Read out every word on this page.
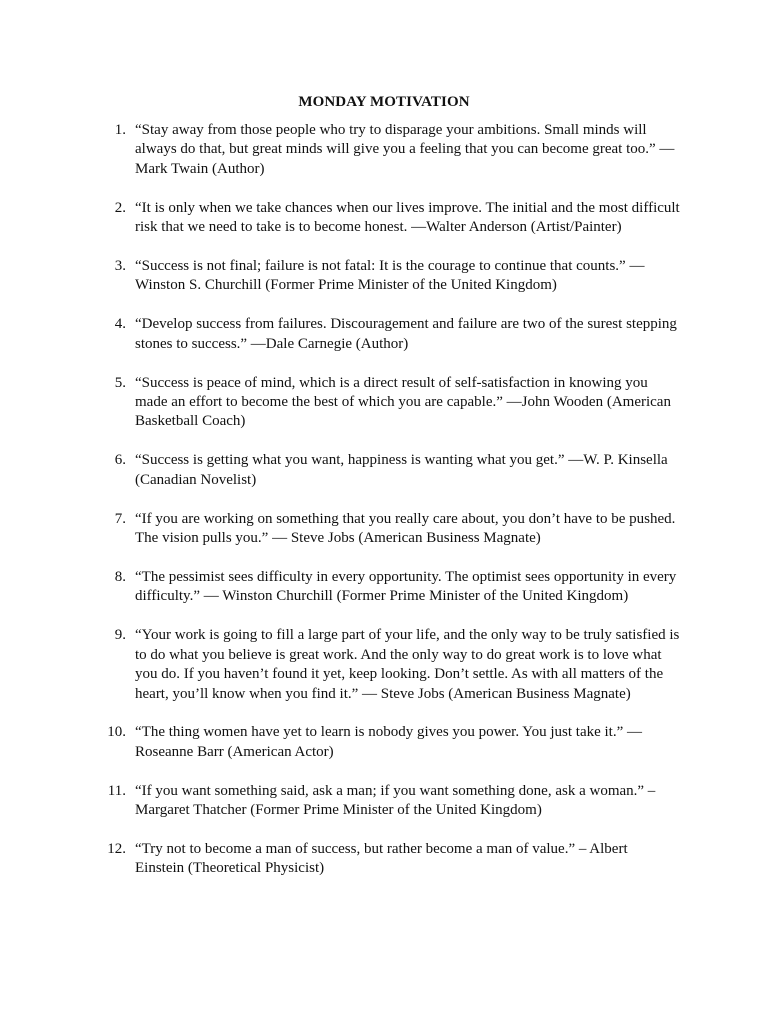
MONDAY MOTIVATION
1. “Stay away from those people who try to disparage your ambitions. Small minds will always do that, but great minds will give you a feeling that you can become great too.” — Mark Twain (Author)
2. “It is only when we take chances when our lives improve. The initial and the most difficult risk that we need to take is to become honest. —Walter Anderson (Artist/Painter)
3. “Success is not final; failure is not fatal: It is the courage to continue that counts.” — Winston S. Churchill (Former Prime Minister of the United Kingdom)
4. “Develop success from failures. Discouragement and failure are two of the surest stepping stones to success.” —Dale Carnegie (Author)
5. “Success is peace of mind, which is a direct result of self-satisfaction in knowing you made an effort to become the best of which you are capable.” —John Wooden (American Basketball Coach)
6. “Success is getting what you want, happiness is wanting what you get.” —W. P. Kinsella (Canadian Novelist)
7. “If you are working on something that you really care about, you don’t have to be pushed. The vision pulls you.” — Steve Jobs (American Business Magnate)
8. “The pessimist sees difficulty in every opportunity. The optimist sees opportunity in every difficulty.” — Winston Churchill (Former Prime Minister of the United Kingdom)
9. “Your work is going to fill a large part of your life, and the only way to be truly satisfied is to do what you believe is great work. And the only way to do great work is to love what you do. If you haven’t found it yet, keep looking. Don’t settle. As with all matters of the heart, you’ll know when you find it.” — Steve Jobs (American Business Magnate)
10. “The thing women have yet to learn is nobody gives you power. You just take it.” — Roseanne Barr (American Actor)
11. “If you want something said, ask a man; if you want something done, ask a woman.” – Margaret Thatcher (Former Prime Minister of the United Kingdom)
12. “Try not to become a man of success, but rather become a man of value.” – Albert Einstein (Theoretical Physicist)
